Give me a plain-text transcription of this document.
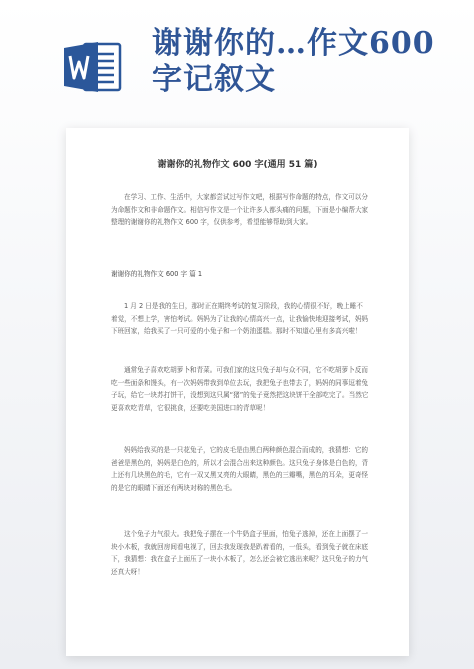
谢谢你的…作文600字记叙文
谢谢你的礼物作文 600 字(通用 51 篇)

在学习、工作、生活中，大家都尝试过写作文吧，根据写作命题的特点，作文可以分为命题作文和非命题作文。相信写作文是一个让许多人都头痛的问题，下面是小编帮大家整理的谢谢你的礼物作文 600 字，仅供参考，希望能够帮助到大家。

谢谢你的礼物作文 600 字 篇 1

1 月 2 日是我的生日，那时正在期终考试的复习阶段，我的心情很不好，晚上睡不着觉，不想上学，害怕考试。妈妈为了让我的心情高兴一点，让我愉快地迎接考试，妈妈下班回家，给我买了一只可爱的小兔子和一个奶油蛋糕。那时不知道心里有多高兴啦！

通常兔子喜欢吃胡萝卜和青菜。可我们家的这只兔子却与众不同，它不吃胡萝卜反而吃一些面条和馒头，有一次妈妈带我到单位去玩，我把兔子也带去了，妈妈的同事逗着兔子玩，给它一块苏打饼干，没想到这只属“猪”的兔子竟然把这块饼干全部吃完了。当然它更喜欢吃青草，它很挑食，还要吃美国进口的青草呢！

妈妈给我买的是一只花兔子，它的皮毛是由黑白两种颜色混合而成的，我猜想：它的爸爸是黑色的，妈妈是白色的，所以才会混合出来这种颜色。这只兔子身体是白色的，背上还有几块黑色的毛，它有一双又黑又亮的大眼睛，黑色的三瓣嘴，黑色的耳朵，更奇怪的是它的眼睛下面还有两块对称的黑色毛。

这个兔子力气很大。我把兔子摆在一个牛奶盒子里面，怕兔子逃掉，还在上面摆了一块小木板，我就回房间看电视了，回去我发现我是趴着看的，一低头，看到兔子就在床底下，我猜想：我在盒子上面压了一块小木板了，怎么还会被它逃出来呢？这只兔子的力气还真大呀！
